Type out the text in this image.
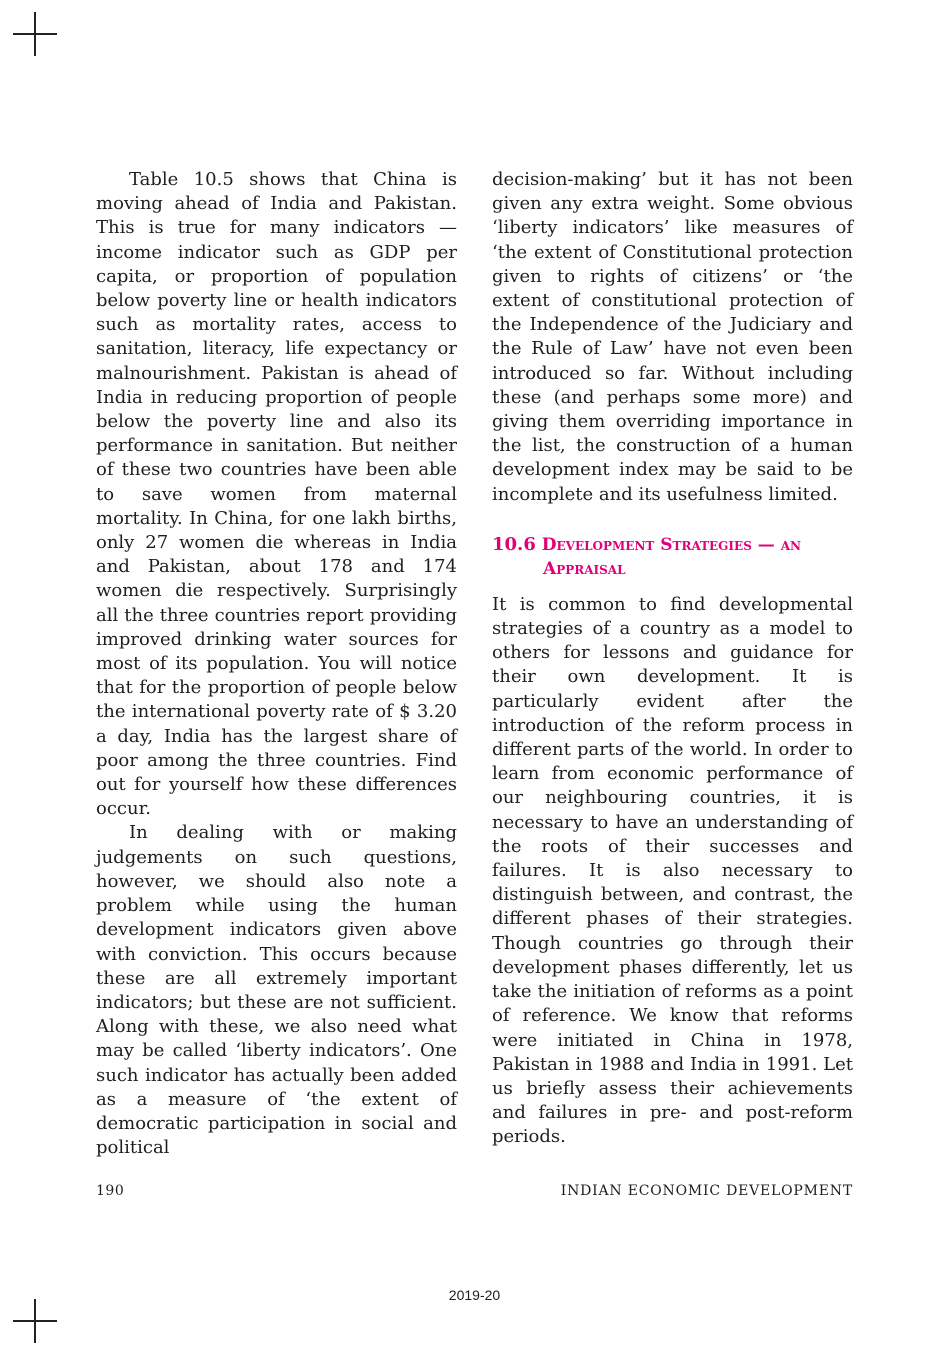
Table 10.5 shows that China is moving ahead of India and Pakistan. This is true for many indicators — income indicator such as GDP per capita, or proportion of population below poverty line or health indicators such as mortality rates, access to sanitation, literacy, life expectancy or malnourishment. Pakistan is ahead of India in reducing proportion of people below the poverty line and also its performance in sanitation. But neither of these two countries have been able to save women from maternal mortality. In China, for one lakh births, only 27 women die whereas in India and Pakistan, about 178 and 174 women die respectively. Surprisingly all the three countries report providing improved drinking water sources for most of its population. You will notice that for the proportion of people below the international poverty rate of $ 3.20 a day, India has the largest share of poor among the three countries. Find out for yourself how these differences occur.

In dealing with or making judgements on such questions, however, we should also note a problem while using the human development indicators given above with conviction. This occurs because these are all extremely important indicators; but these are not sufficient. Along with these, we also need what may be called ‘liberty indicators’. One such indicator has actually been added as a measure of ‘the extent of democratic participation in social and political

decision-making’ but it has not been given any extra weight. Some obvious ‘liberty indicators’ like measures of ‘the extent of Constitutional protection given to rights of citizens’ or ‘the extent of constitutional protection of the Independence of the Judiciary and the Rule of Law’ have not even been introduced so far. Without including these (and perhaps some more) and giving them overriding importance in the list, the construction of a human development index may be said to be incomplete and its usefulness limited.

10.6 Development Strategies — an
Appraisal

It is common to find developmental strategies of a country as a model to others for lessons and guidance for their own development. It is particularly evident after the introduction of the reform process in different parts of the world. In order to learn from economic performance of our neighbouring countries, it is necessary to have an understanding of the roots of their successes and failures. It is also necessary to distinguish between, and contrast, the different phases of their strategies. Though countries go through their development phases differently, let us take the initiation of reforms as a point of reference. We know that reforms were initiated in China in 1978, Pakistan in 1988 and India in 1991. Let us briefly assess their achievements and failures in pre- and post-reform periods.

190	INDIAN ECONOMIC DEVELOPMENT
2019-20
